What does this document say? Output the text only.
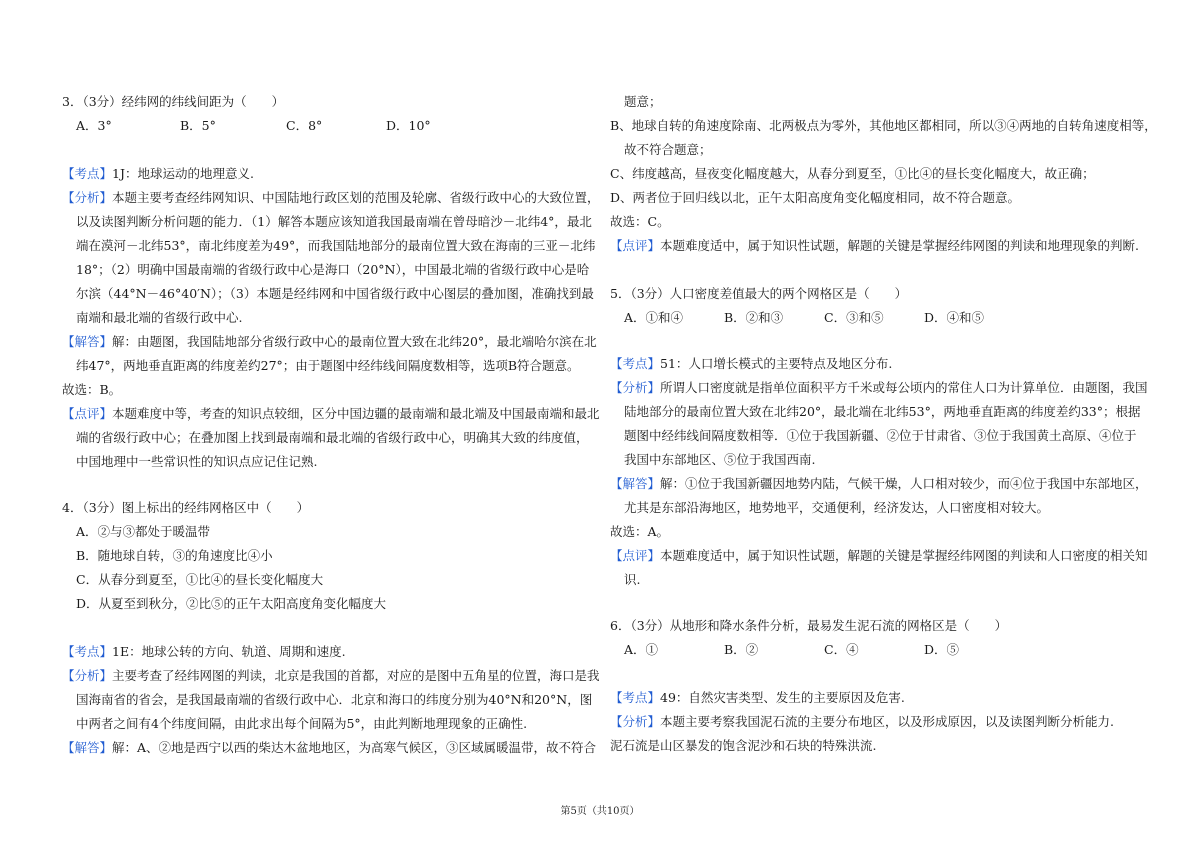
3．（3分）经纬网的纬线间距为（　　）
A．3°	B．5°	C．8°	D．10°
【考点】1J：地球运动的地理意义.
【分析】本题主要考查经纬网知识、中国陆地行政区划的范围及轮廓、省级行政中心的大致位置，
以及读图判断分析问题的能力．（1）解答本题应该知道我国最南端在曾母暗沙－北纬4°，最北
端在漠河－北纬53°，南北纬度差为49°，而我国陆地部分的最南位置大致在海南的三亚－北纬
18°；（2）明确中国最南端的省级行政中心是海口（20°N），中国最北端的省级行政中心是哈
尔滨（44°N－46°40′N）；（3）本题是经纬网和中国省级行政中心图层的叠加图，准确找到最
南端和最北端的省级行政中心.
【解答】解：由题图，我国陆地部分省级行政中心的最南位置大致在北纬20°，最北端哈尔滨在北
纬47°，两地垂直距离的纬度差约27°；由于题图中经纬线间隔度数相等，选项B符合题意。
故选：B。
【点评】本题难度中等，考查的知识点较细，区分中国边疆的最南端和最北端及中国最南端和最北
端的省级行政中心；在叠加图上找到最南端和最北端的省级行政中心，明确其大致的纬度值，
中国地理中一些常识性的知识点应记住记熟.
4．（3分）图上标出的经纬网格区中（　　）
A．②与③都处于暖温带
B．随地球自转，③的角速度比④小
C．从春分到夏至，①比④的昼长变化幅度大
D．从夏至到秋分，②比⑤的正午太阳高度角变化幅度大
【考点】1E：地球公转的方向、轨道、周期和速度.
【分析】主要考查了经纬网图的判读，北京是我国的首都，对应的是图中五角星的位置，海口是我
国海南省的省会，是我国最南端的省级行政中心．北京和海口的纬度分别为40°N和20°N，图
中两者之间有4个纬度间隔，由此求出每个间隔为5°，由此判断地理现象的正确性.
【解答】解：A、②地是西宁以西的柴达木盆地地区，为高寒气候区，③区域属暖温带，故不符合
题意；
B、地球自转的角速度除南、北两极点为零外，其他地区都相同，所以③④两地的自转角速度相等，
故不符合题意；
C、纬度越高，昼夜变化幅度越大，从春分到夏至，①比④的昼长变化幅度大，故正确；
D、两者位于回归线以北，正午太阳高度角变化幅度相同，故不符合题意。
故选：C。
【点评】本题难度适中，属于知识性试题，解题的关键是掌握经纬网图的判读和地理现象的判断.
5．（3分）人口密度差值最大的两个网格区是（　　）
A．①和④	B．②和③	C．③和⑤	D．④和⑤
【考点】51：人口增长模式的主要特点及地区分布.
【分析】所谓人口密度就是指单位面积平方千米或每公顷内的常住人口为计算单位．由题图，我国
陆地部分的最南位置大致在北纬20°，最北端在北纬53°，两地垂直距离的纬度差约33°；根据
题图中经纬线间隔度数相等．①位于我国新疆、②位于甘肃省、③位于我国黄土高原、④位于
我国中东部地区、⑤位于我国西南.
【解答】解：①位于我国新疆因地势内陆，气候干燥，人口相对较少，而④位于我国中东部地区，
尤其是东部沿海地区，地势地平，交通便利，经济发达，人口密度相对较大。
故选：A。
【点评】本题难度适中，属于知识性试题，解题的关键是掌握经纬网图的判读和人口密度的相关知
识.
6．（3分）从地形和降水条件分析，最易发生泥石流的网格区是（　　）
A．①	B．②	C．④	D．⑤
【考点】49：自然灾害类型、发生的主要原因及危害.
【分析】本题主要考察我国泥石流的主要分布地区，以及形成原因，以及读图判断分析能力.
泥石流是山区暴发的饱含泥沙和石块的特殊洪流.
第5页（共10页）
